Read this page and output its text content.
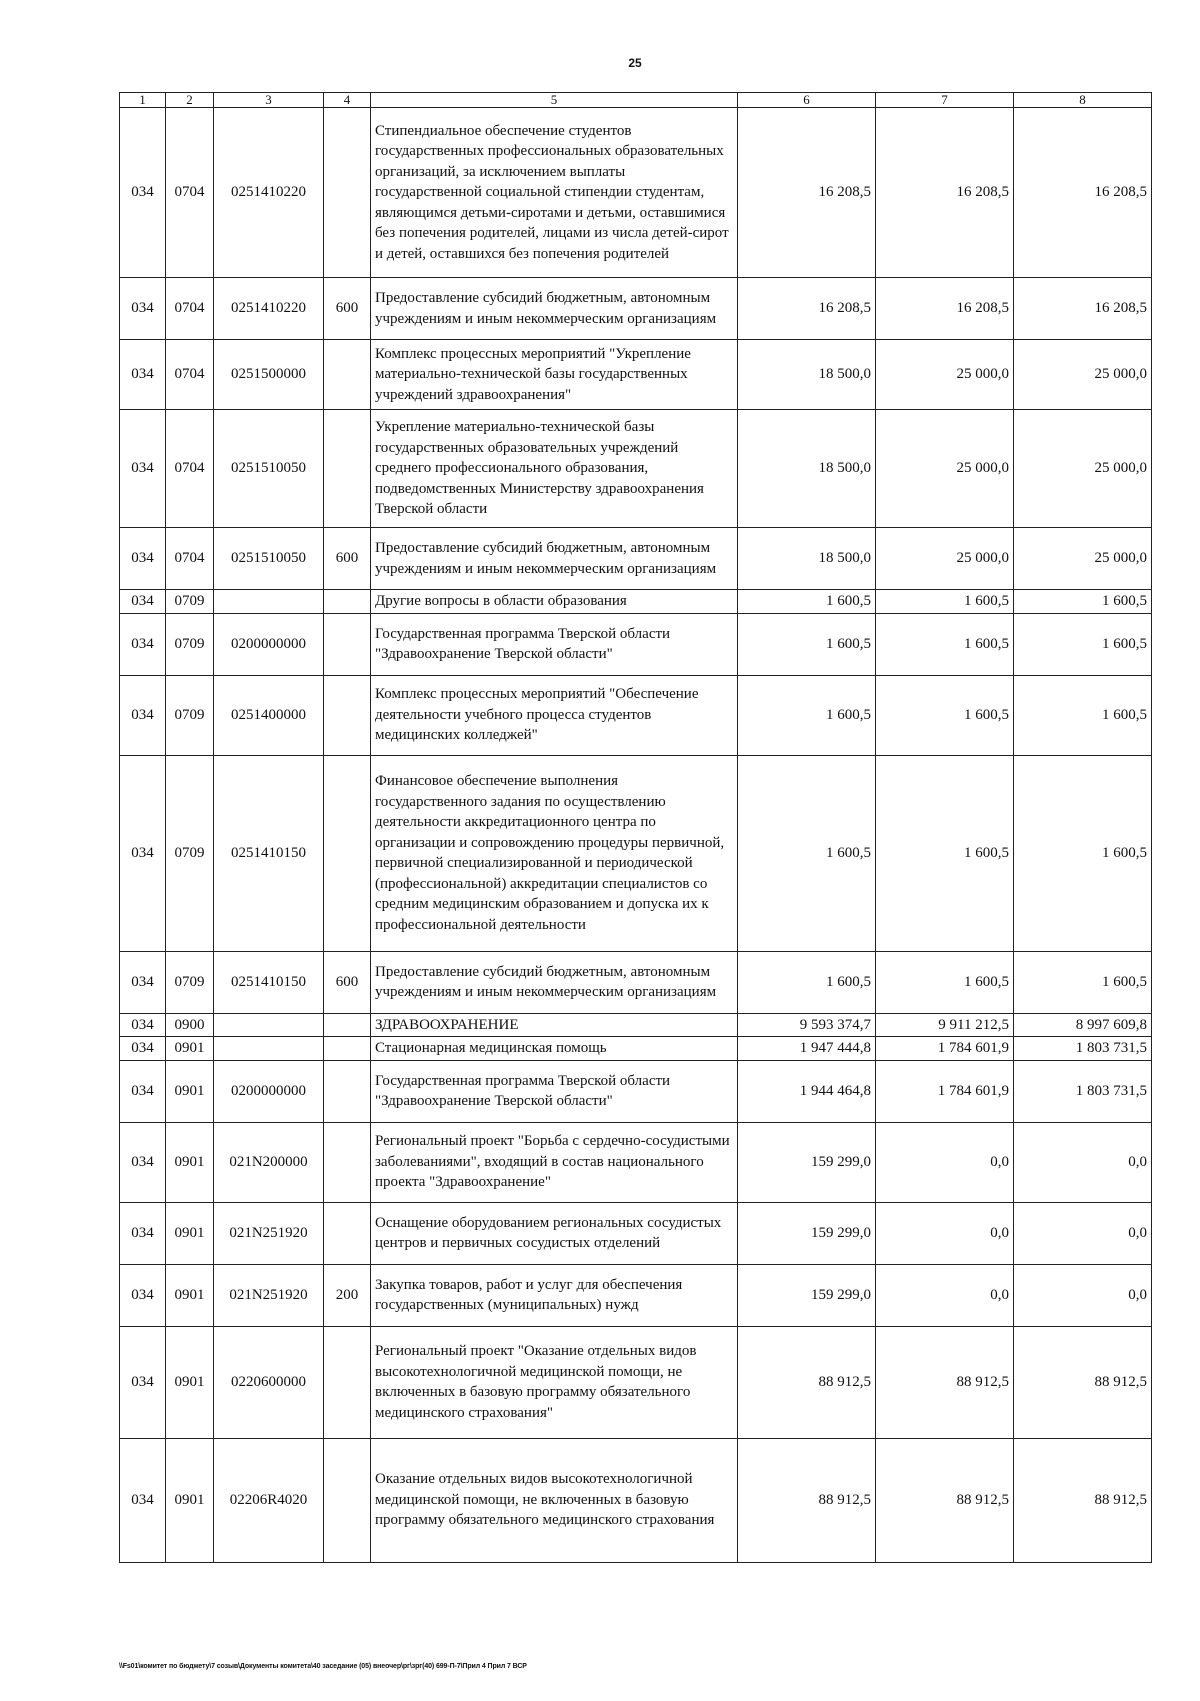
25
1	2	3	4	5	6	7	8
034	0704	0251410220		Стипендиальное обеспечение студентов государственных профессиональных образовательных организаций, за исключением выплаты государственной социальной стипендии студентам, являющимся детьми-сиротами и детьми, оставшимися без попечения родителей, лицами из числа детей-сирот и детей, оставшихся без попечения родителей	16 208,5	16 208,5	16 208,5
034	0704	0251410220	600	Предоставление субсидий бюджетным, автономным учреждениям и иным некоммерческим организациям	16 208,5	16 208,5	16 208,5
034	0704	0251500000		Комплекс процессных мероприятий "Укрепление материально-технической базы государственных учреждений здравоохранения"	18 500,0	25 000,0	25 000,0
034	0704	0251510050		Укрепление материально-технической базы государственных образовательных учреждений среднего профессионального образования, подведомственных Министерству здравоохранения Тверской области	18 500,0	25 000,0	25 000,0
034	0704	0251510050	600	Предоставление субсидий бюджетным, автономным учреждениям и иным некоммерческим организациям	18 500,0	25 000,0	25 000,0
034	0709			Другие вопросы в области образования	1 600,5	1 600,5	1 600,5
034	0709	0200000000		Государственная программа Тверской области "Здравоохранение Тверской области"	1 600,5	1 600,5	1 600,5
034	0709	0251400000		Комплекс процессных мероприятий "Обеспечение деятельности учебного процесса студентов медицинских колледжей"	1 600,5	1 600,5	1 600,5
034	0709	0251410150		Финансовое обеспечение выполнения государственного задания по осуществлению деятельности аккредитационного центра по организации и сопровождению процедуры первичной, первичной специализированной и периодической (профессиональной) аккредитации специалистов со средним медицинским образованием и допуска их к профессиональной деятельности	1 600,5	1 600,5	1 600,5
034	0709	0251410150	600	Предоставление субсидий бюджетным, автономным учреждениям и иным некоммерческим организациям	1 600,5	1 600,5	1 600,5
034	0900			ЗДРАВООХРАНЕНИЕ	9 593 374,7	9 911 212,5	8 997 609,8
034	0901			Стационарная медицинская помощь	1 947 444,8	1 784 601,9	1 803 731,5
034	0901	0200000000		Государственная программа Тверской области "Здравоохранение Тверской области"	1 944 464,8	1 784 601,9	1 803 731,5
034	0901	021N200000		Региональный проект "Борьба с сердечно-сосудистыми заболеваниями", входящий в состав национального проекта "Здравоохранение"	159 299,0	0,0	0,0
034	0901	021N251920		Оснащение оборудованием региональных сосудистых центров и первичных сосудистых отделений	159 299,0	0,0	0,0
034	0901	021N251920	200	Закупка товаров, работ и услуг для обеспечения государственных (муниципальных) нужд	159 299,0	0,0	0,0
034	0901	0220600000		Региональный проект "Оказание отдельных видов высокотехнологичной медицинской помощи, не включенных в базовую программу обязательного медицинского страхования"	88 912,5	88 912,5	88 912,5
034	0901	02206R4020		Оказание отдельных видов высокотехнологичной медицинской помощи, не включенных в базовую программу обязательного медицинского страхования	88 912,5	88 912,5	88 912,5
\\Fs01\комитет по бюджету\7 созыв\Документы комитета\40 заседание (05) внеочер\рг\зрг(40) 699-П-7\Прил 4 Прил 7 ВСР
